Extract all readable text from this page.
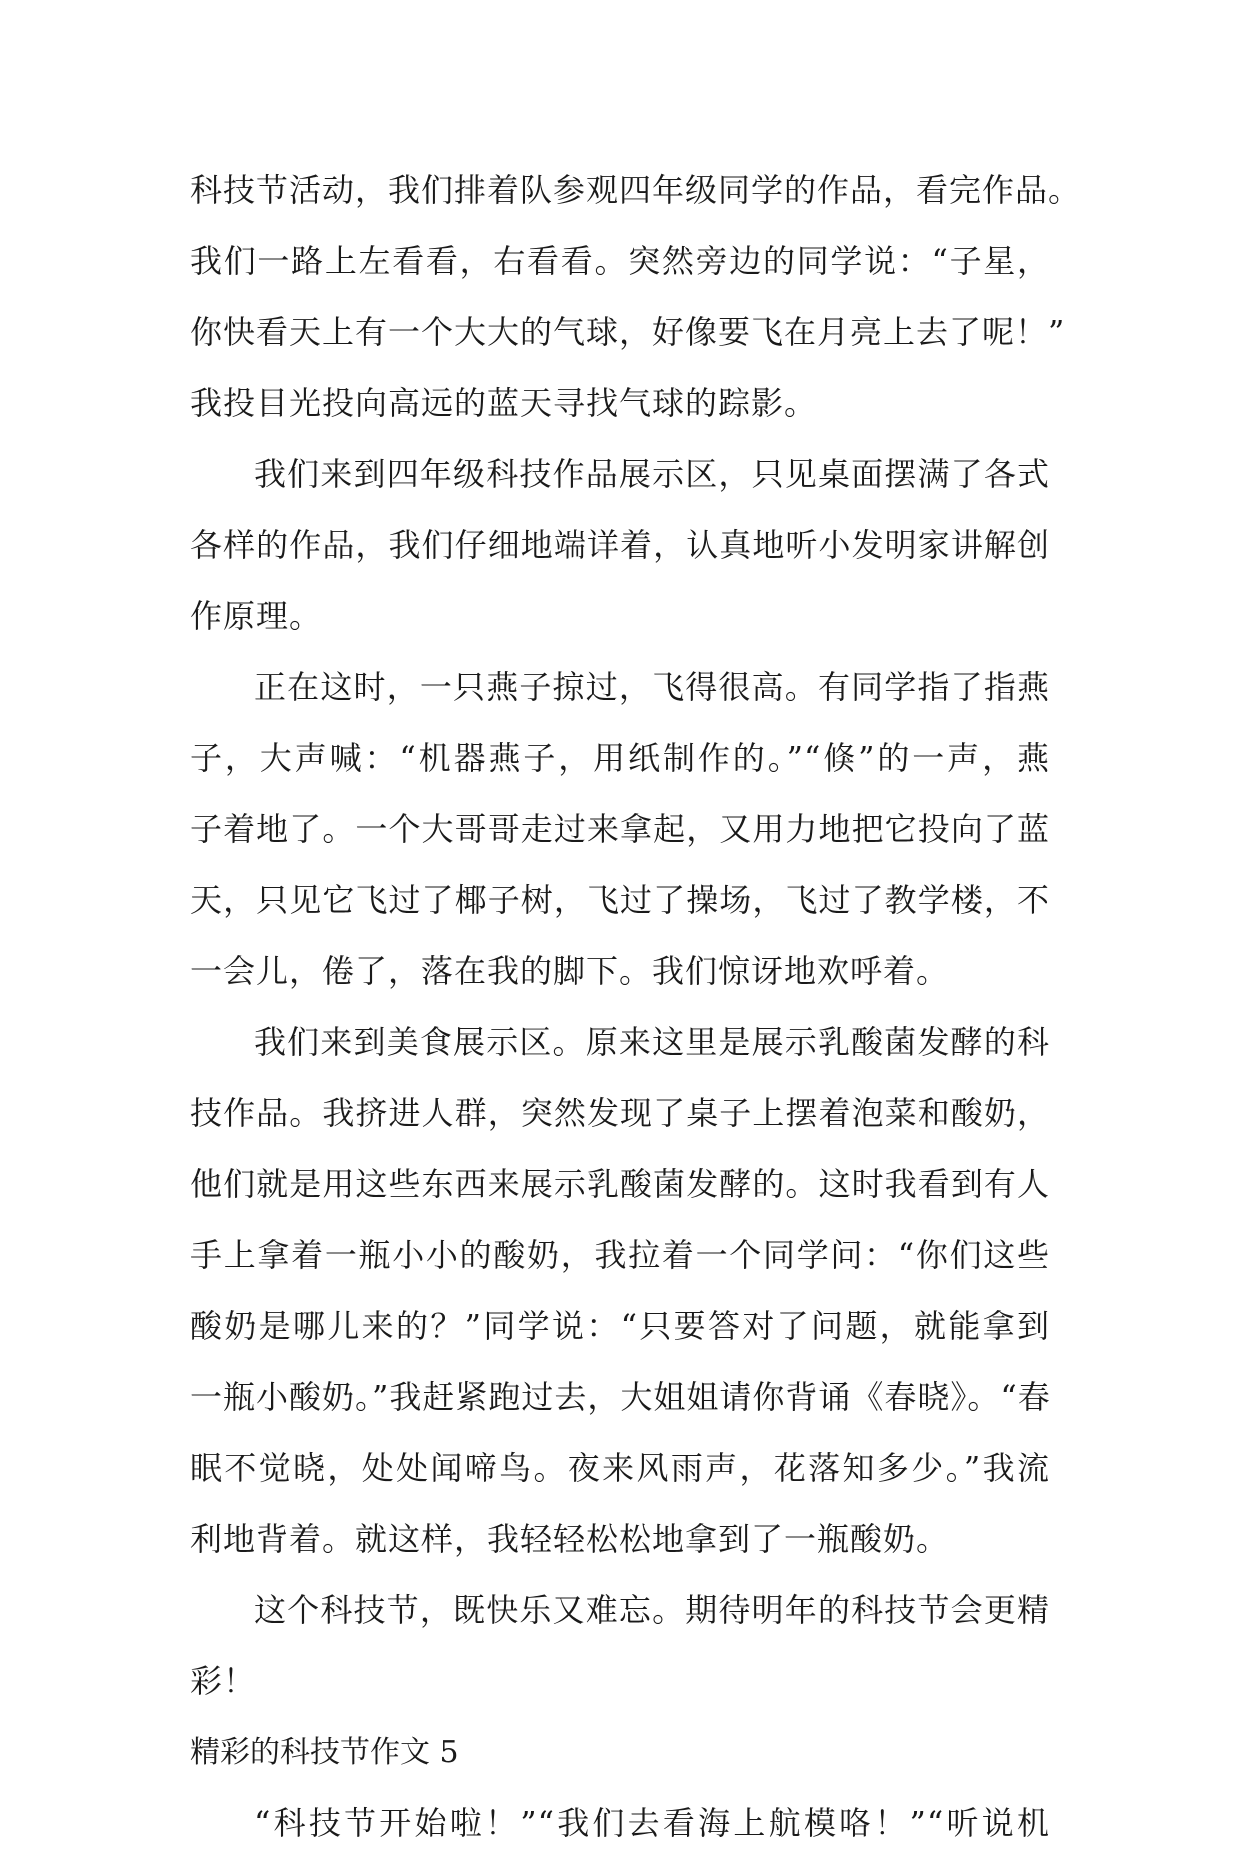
科技节活动，我们排着队参观四年级同学的作品，看完作品。
我们一路上左看看，右看看。突然旁边的同学说：“子星，
你快看天上有一个大大的气球，好像要飞在月亮上去了呢！”
我投目光投向高远的蓝天寻找气球的踪影。
我们来到四年级科技作品展示区，只见桌面摆满了各式
各样的作品，我们仔细地端详着，认真地听小发明家讲解创
作原理。
正在这时，一只燕子掠过，飞得很高。有同学指了指燕
子，大声喊：“机器燕子，用纸制作的。”“倏”的一声，燕
子着地了。一个大哥哥走过来拿起，又用力地把它投向了蓝
天，只见它飞过了椰子树，飞过了操场，飞过了教学楼，不
一会儿，倦了，落在我的脚下。我们惊讶地欢呼着。
我们来到美食展示区。原来这里是展示乳酸菌发酵的科
技作品。我挤进人群，突然发现了桌子上摆着泡菜和酸奶，
他们就是用这些东西来展示乳酸菌发酵的。这时我看到有人
手上拿着一瓶小小的酸奶，我拉着一个同学问：“你们这些
酸奶是哪儿来的？”同学说：“只要答对了问题，就能拿到
一瓶小酸奶。”我赶紧跑过去，大姐姐请你背诵《春晓》。“春
眠不觉晓，处处闻啼鸟。夜来风雨声，花落知多少。”我流
利地背着。就这样，我轻轻松松地拿到了一瓶酸奶。
这个科技节，既快乐又难忘。期待明年的科技节会更精
彩！
精彩的科技节作文 5
“科技节开始啦！”“我们去看海上航模咯！”“听说机
